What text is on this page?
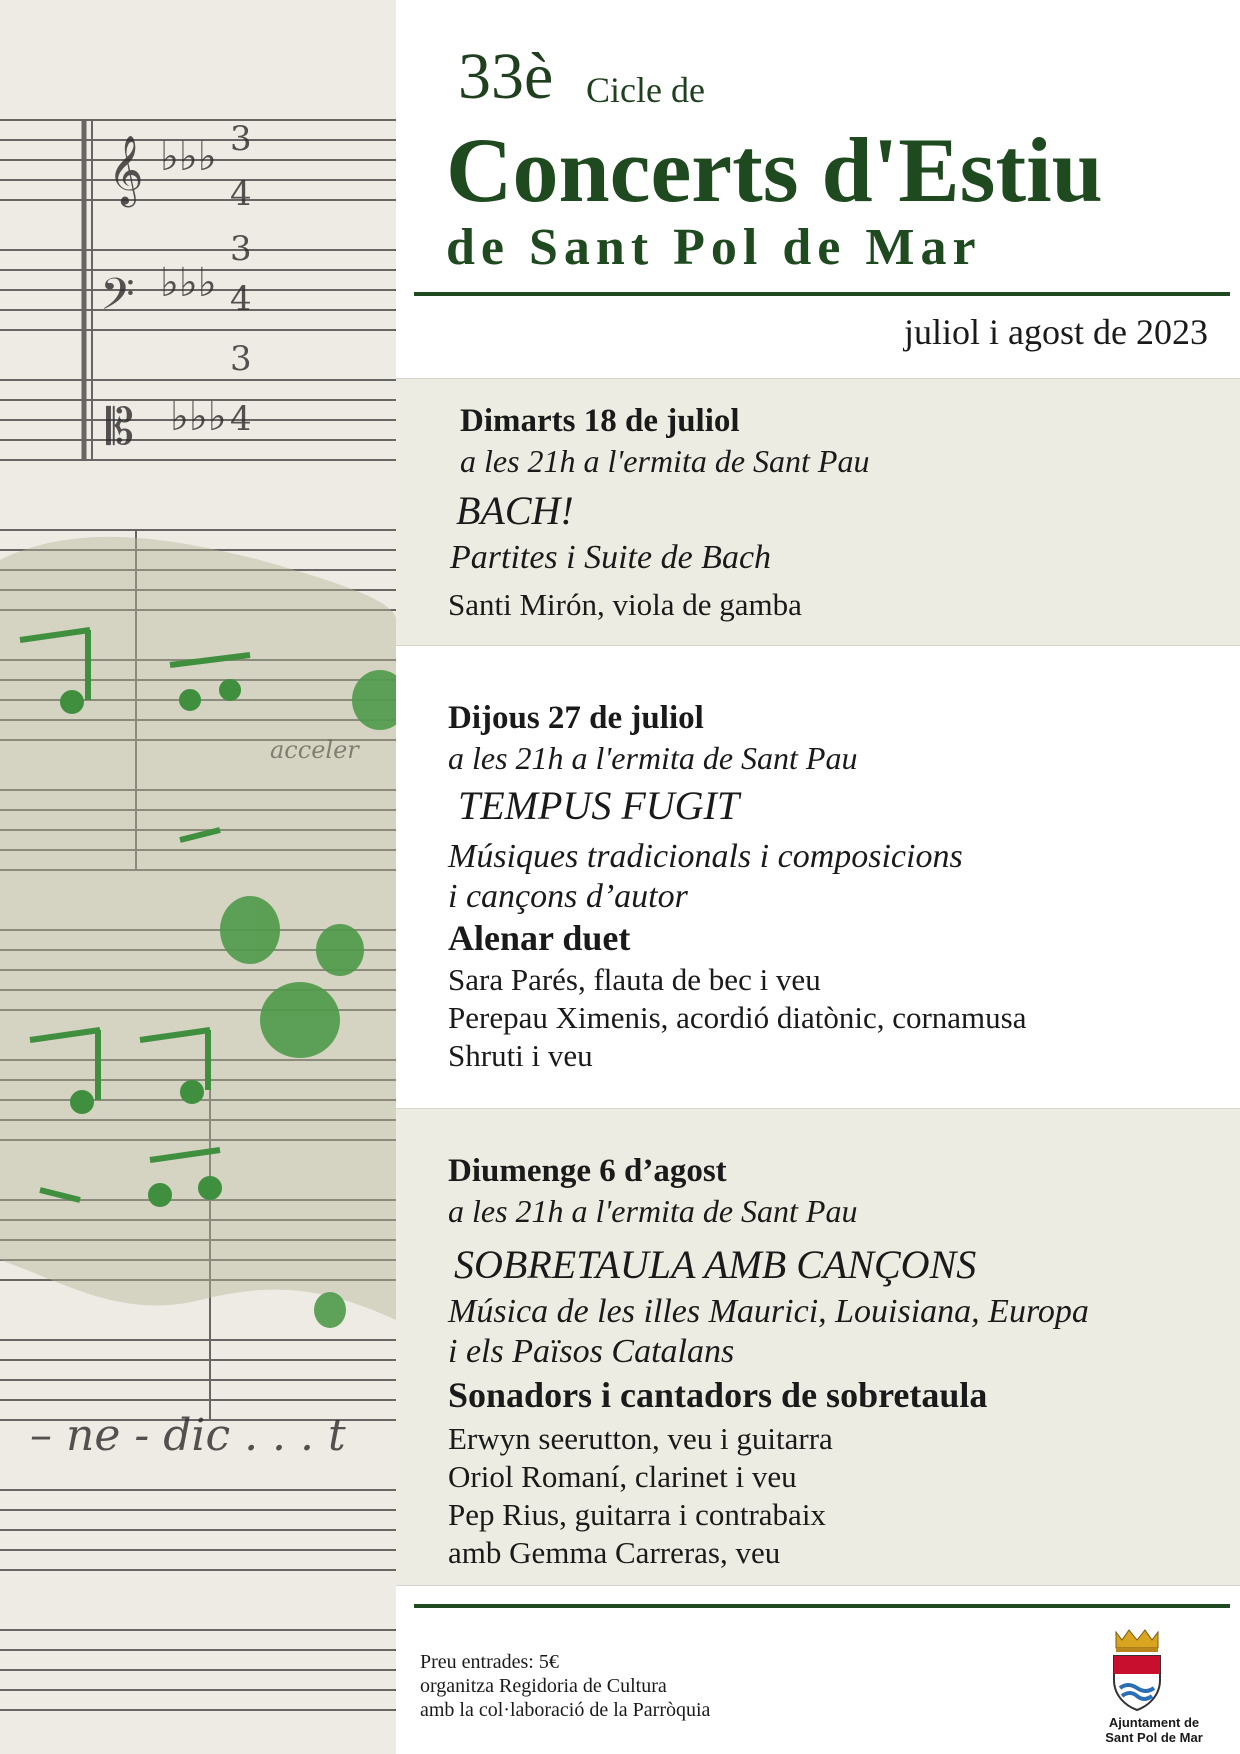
𝄞
𝄢
𝄡
♭♭♭
♭♭♭
♭♭♭
3
4
3
4
3
4
– ne - dic . . . t
acceler
33è Cicle de
Concerts d'Estiu
de Sant Pol de Mar
juliol i agost de 2023
Dimarts 18 de juliol
a les 21h a l'ermita de Sant Pau
BACH!
Partites i Suite de Bach
Santi Mirón, viola de gamba
Dijous 27 de juliol
a les 21h a l'ermita de Sant Pau
TEMPUS FUGIT
Músiques tradicionals i composicions
i cançons d’autor
Alenar duet
Sara Parés, flauta de bec i veu
Perepau Ximenis, acordió diatònic, cornamusa
Shruti i veu
Diumenge 6 d’agost
a les 21h a l'ermita de Sant Pau
SOBRETAULA AMB CANÇONS
Música de les illes Maurici, Louisiana, Europa
i els Països Catalans
Sonadors i cantadors de sobretaula
Erwyn seerutton, veu i guitarra
Oriol Romaní, clarinet i veu
Pep Rius, guitarra i contrabaix
amb Gemma Carreras, veu
Preu entrades: 5€
organitza Regidoria de Cultura
amb la col·laboració de la Parròquia
Ajuntament de
Sant Pol de Mar
